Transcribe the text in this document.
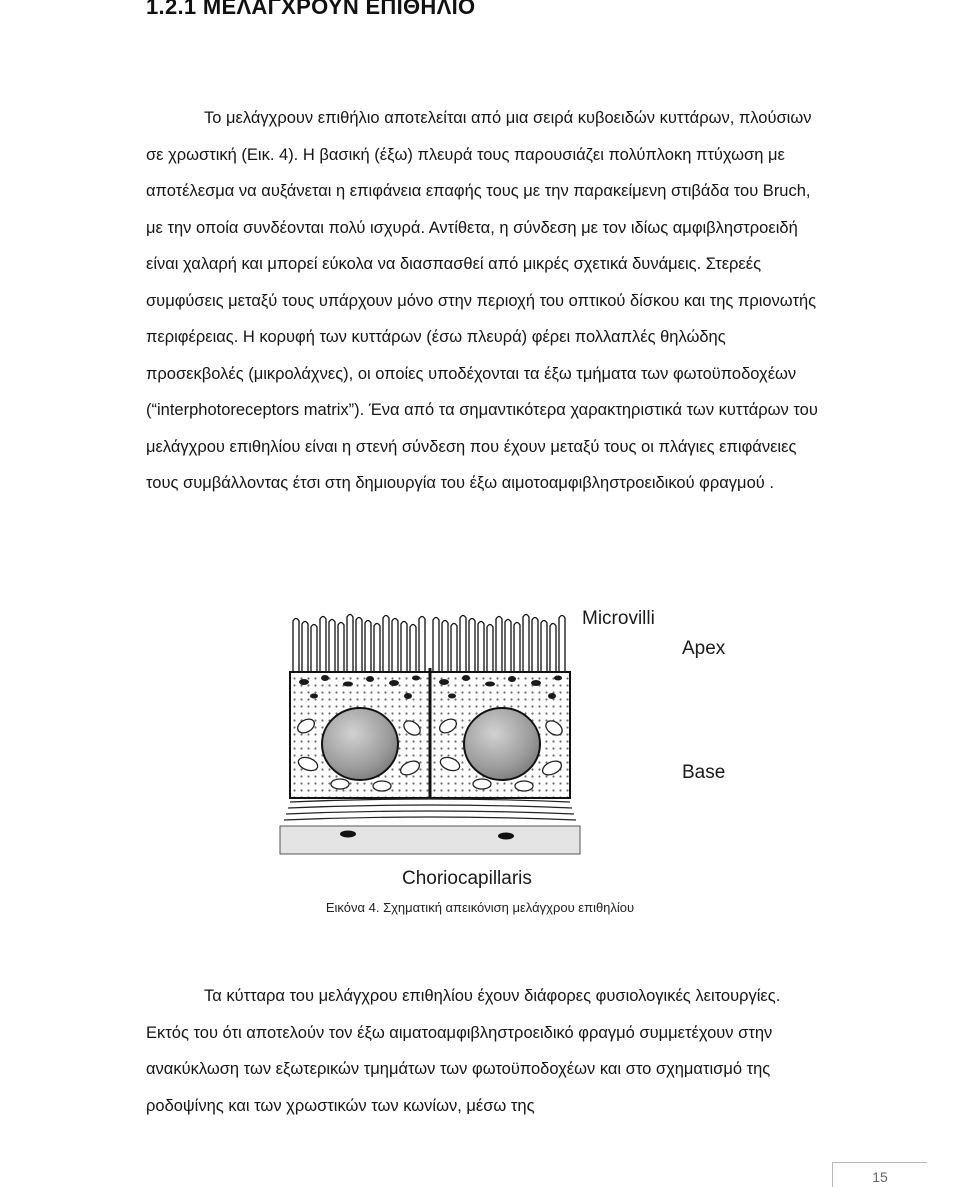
1.2.1 ΜΕΛΑΓΧΡΟΥΝ ΕΠΙΘΗΛΙΟ

Το μελάγχρουν επιθήλιο αποτελείται από μια σειρά κυβοειδών κυττάρων, πλούσιων σε χρωστική (Εικ. 4). Η βασική (έξω) πλευρά τους παρουσιάζει πολύπλοκη πτύχωση με αποτέλεσμα να αυξάνεται η επιφάνεια επαφής τους με την παρακείμενη στιβάδα του Bruch, με την οποία συνδέονται πολύ ισχυρά. Αντίθετα, η σύνδεση με τον ιδίως αμφιβληστροειδή είναι χαλαρή και μπορεί εύκολα να διασπασθεί από μικρές σχετικά δυνάμεις. Στερεές συμφύσεις μεταξύ τους υπάρχουν μόνο στην περιοχή του οπτικού δίσκου και της πριονωτής περιφέρειας. Η κορυφή των κυττάρων (έσω πλευρά) φέρει πολλαπλές θηλώδης προσεκβολές (μικρολάχνες), οι οποίες υποδέχονται τα έξω τμήματα των φωτοϋποδοχέων (“interphotoreceptors matrix”). Ένα από τα σημαντικότερα χαρακτηριστικά των κυττάρων του μελάγχρου επιθηλίου είναι η στενή σύνδεση που έχουν μεταξύ τους οι πλάγιες επιφάνειες τους συμβάλλοντας έτσι στη δημιουργία του έξω αιμοτοαμφιβληστροειδικού φραγμού .

Microvilli
Apex
Base
Choriocapillaris
Εικόνα 4. Σχηματική απεικόνιση μελάγχρου επιθηλίου

Τα κύτταρα του μελάγχρου επιθηλίου έχουν διάφορες φυσιολογικές λειτουργίες. Εκτός του ότι αποτελούν τον έξω αιματοαμφιβληστροειδικό φραγμό συμμετέχουν στην ανακύκλωση των εξωτερικών τμημάτων των φωτοϋποδοχέων και στο σχηματισμό της ροδοψίνης και των χρωστικών των κωνίων, μέσω της

15
